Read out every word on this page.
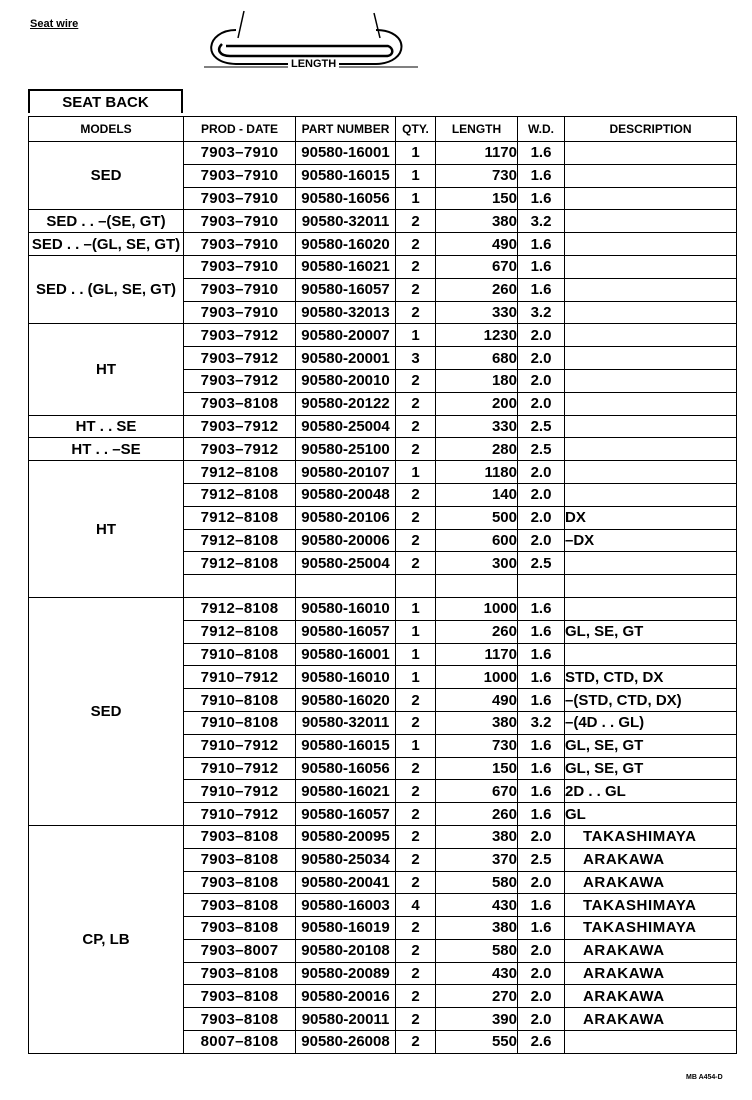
Seat wire
LENGTH
SEAT BACK
MODELS	PROD - DATE	PART NUMBER	QTY.	LENGTH	W.D.	DESCRIPTION
SED	7903–7910	90580-16001	1	1170	1.6	
	7903–7910	90580-16015	1	730	1.6	
	7903–7910	90580-16056	1	150	1.6	
SED . . –(SE, GT)	7903–7910	90580-32011	2	380	3.2	
SED . . –(GL, SE, GT)	7903–7910	90580-16020	2	490	1.6	
SED . . (GL, SE, GT)	7903–7910	90580-16021	2	670	1.6	
	7903–7910	90580-16057	2	260	1.6	
	7903–7910	90580-32013	2	330	3.2	
HT	7903–7912	90580-20007	1	1230	2.0	
	7903–7912	90580-20001	3	680	2.0	
	7903–7912	90580-20010	2	180	2.0	
	7903–8108	90580-20122	2	200	2.0	
HT . . SE	7903–7912	90580-25004	2	330	2.5	
HT . . –SE	7903–7912	90580-25100	2	280	2.5	
HT	7912–8108	90580-20107	1	1180	2.0	
	7912–8108	90580-20048	2	140	2.0	
	7912–8108	90580-20106	2	500	2.0	DX
	7912–8108	90580-20006	2	600	2.0	–DX
	7912–8108	90580-25004	2	300	2.5	

SED	7912–8108	90580-16010	1	1000	1.6	
	7912–8108	90580-16057	1	260	1.6	GL, SE, GT
	7910–8108	90580-16001	1	1170	1.6	
	7910–7912	90580-16010	1	1000	1.6	STD, CTD, DX
	7910–8108	90580-16020	2	490	1.6	–(STD, CTD, DX)
	7910–8108	90580-32011	2	380	3.2	–(4D . . GL)
	7910–7912	90580-16015	1	730	1.6	GL, SE, GT
	7910–7912	90580-16056	2	150	1.6	GL, SE, GT
	7910–7912	90580-16021	2	670	1.6	2D . . GL
	7910–7912	90580-16057	2	260	1.6	GL
CP, LB	7903–8108	90580-20095	2	380	2.0	TAKASHIMAYA
	7903–8108	90580-25034	2	370	2.5	ARAKAWA
	7903–8108	90580-20041	2	580	2.0	ARAKAWA
	7903–8108	90580-16003	4	430	1.6	TAKASHIMAYA
	7903–8108	90580-16019	2	380	1.6	TAKASHIMAYA
	7903–8007	90580-20108	2	580	2.0	ARAKAWA
	7903–8108	90580-20089	2	430	2.0	ARAKAWA
	7903–8108	90580-20016	2	270	2.0	ARAKAWA
	7903–8108	90580-20011	2	390	2.0	ARAKAWA
	8007–8108	90580-26008	2	550	2.6	
MB A454-D
